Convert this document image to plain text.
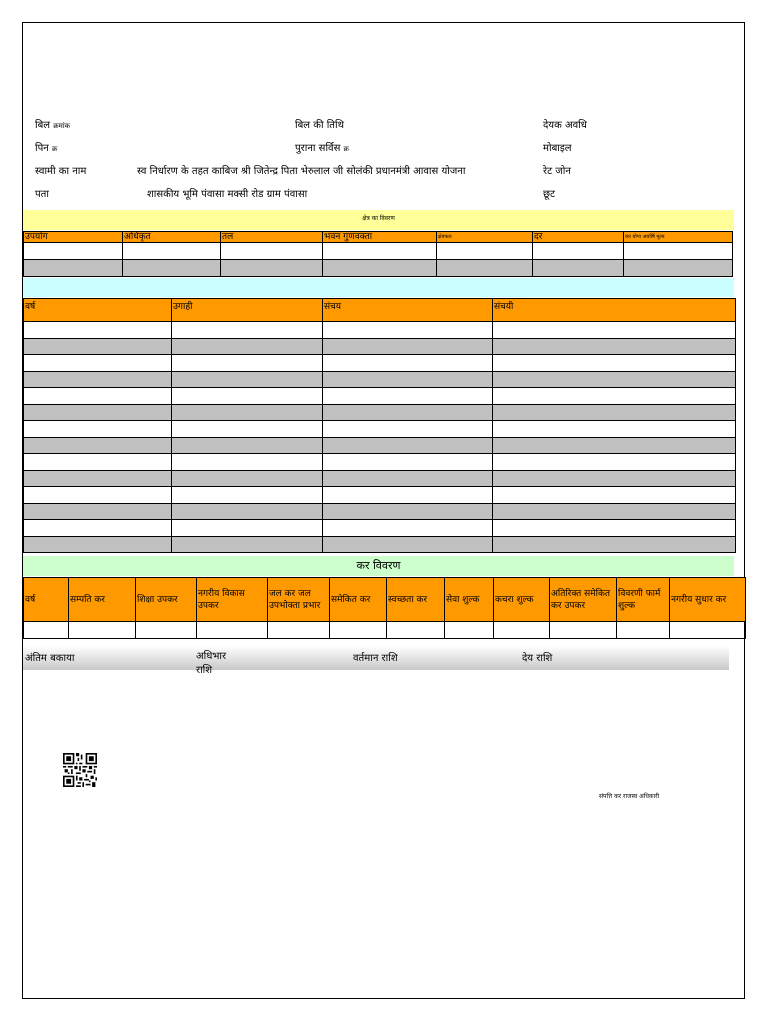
बिल क्रमांक	बिल की तिथि	देयक अवधि
पिन क्र	पुराना सर्विस क्र	मोबाइल
स्वामी का नाम	स्व निर्धारण के तहत काबिज श्री जितेन्द्र पिता भेरुलाल जी सोलंकी प्रधानमंत्री आवास योजना	रेट जोन
पता	शासकीय भूमि पंवासा मक्सी रोड ग्राम पंवासा	छूट
क्षेत्र का विवरण
उपयोग	अधिकृत	तल	भवन गुणवक्ता	क्षेत्रफल	दर	कर योग्य अर्घार्षि मूल्य

वर्ष	उगाही	संचय	संचयी

कर विवरण
वर्ष	सम्पति कर	शिक्षा उपकर	नगरीय विकास उपकर	जल कर जल उपभोक्ता प्रभार	समेकित कर	स्वच्छता कर	सेवा शुल्क	कचरा शुल्क	अतिरिक्त समेकित कर उपकर	विवरणी फार्म शुल्क	नगरीय सुधार कर

अंतिम बकाया	अधिभार राशि
वर्तमान राशि	देय राशि
संपत्ति कर राजस्व अधिकारी
